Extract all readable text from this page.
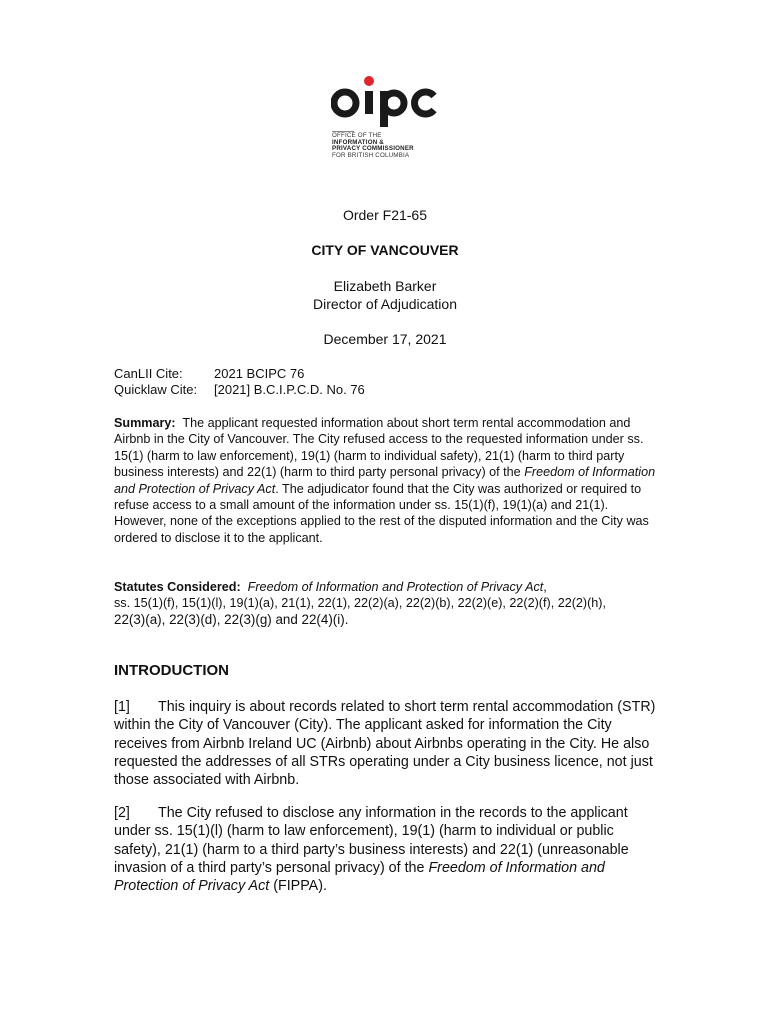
OFFICE OF THE
INFORMATION &
PRIVACY COMMISSIONER
FOR BRITISH COLUMBIA
Order F21-65
CITY OF VANCOUVER
Elizabeth Barker
Director of Adjudication
December 17, 2021
CanLII Cite: 2021 BCIPC 76
Quicklaw Cite: [2021] B.C.I.P.C.D. No. 76
Summary: The applicant requested information about short term rental accommodation and Airbnb in the City of Vancouver. The City refused access to the requested information under ss. 15(1) (harm to law enforcement), 19(1) (harm to individual safety), 21(1) (harm to third party business interests) and 22(1) (harm to third party personal privacy) of the Freedom of Information and Protection of Privacy Act. The adjudicator found that the City was authorized or required to refuse access to a small amount of the information under ss. 15(1)(f), 19(1)(a) and 21(1). However, none of the exceptions applied to the rest of the disputed information and the City was ordered to disclose it to the applicant.
Statutes Considered: Freedom of Information and Protection of Privacy Act,
ss. 15(1)(f), 15(1)(l), 19(1)(a), 21(1), 22(1), 22(2)(a), 22(2)(b), 22(2)(e), 22(2)(f), 22(2)(h),
22(3)(a), 22(3)(d), 22(3)(g) and 22(4)(i).
INTRODUCTION
[1] This inquiry is about records related to short term rental accommodation (STR) within the City of Vancouver (City). The applicant asked for information the City receives from Airbnb Ireland UC (Airbnb) about Airbnbs operating in the City. He also requested the addresses of all STRs operating under a City business licence, not just those associated with Airbnb.
[2] The City refused to disclose any information in the records to the applicant under ss. 15(1)(l) (harm to law enforcement), 19(1) (harm to individual or public safety), 21(1) (harm to a third party’s business interests) and 22(1) (unreasonable invasion of a third party’s personal privacy) of the Freedom of Information and Protection of Privacy Act (FIPPA).
